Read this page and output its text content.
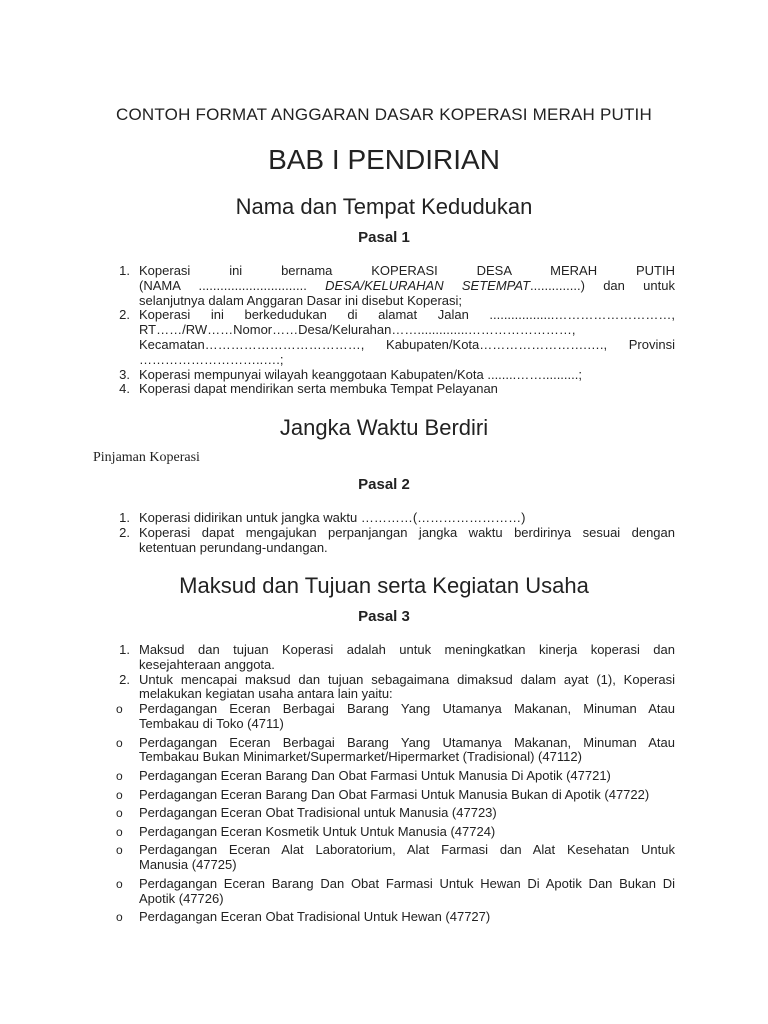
CONTOH FORMAT ANGGARAN DASAR KOPERASI MERAH PUTIH
BAB I PENDIRIAN
Nama dan Tempat Kedudukan
Pasal 1
1. Koperasi ini bernama KOPERASI DESA MERAH PUTIH
(NAMA .............................. DESA/KELURAHAN SETEMPAT..............) dan untuk
selanjutnya dalam Anggaran Dasar ini disebut Koperasi;
2. Koperasi ini berkedudukan di alamat Jalan ..................………………………,
RT……/RW……Nomor……Desa/Kelurahan……..............……………………,
Kecamatan………………………………, Kabupaten/Kota…………………….…., Provinsi
………………………..….;
3. Koperasi mempunyai wilayah keanggotaan Kabupaten/Kota ........……..........;
4. Koperasi dapat mendirikan serta membuka Tempat Pelayanan
Jangka Waktu Berdiri
Pinjaman Koperasi
Pasal 2
1. Koperasi didirikan untuk jangka waktu …………(……………………)
2. Koperasi dapat mengajukan perpanjangan jangka waktu berdirinya sesuai dengan
ketentuan perundang-undangan.
Maksud dan Tujuan serta Kegiatan Usaha
Pasal 3
1. Maksud dan tujuan Koperasi adalah untuk meningkatkan kinerja koperasi dan
kesejahteraan anggota.
2. Untuk mencapai maksud dan tujuan sebagaimana dimaksud dalam ayat (1), Koperasi
melakukan kegiatan usaha antara lain yaitu:
o	Perdagangan Eceran Berbagai Barang Yang Utamanya Makanan, Minuman Atau
Tembakau di Toko (4711)
o	Perdagangan Eceran Berbagai Barang Yang Utamanya Makanan, Minuman Atau
Tembakau Bukan Minimarket/Supermarket/Hipermarket (Tradisional) (47112)
o	Perdagangan Eceran Barang Dan Obat Farmasi Untuk Manusia Di Apotik (47721)
o	Perdagangan Eceran Barang Dan Obat Farmasi Untuk Manusia Bukan di Apotik (47722)
o	Perdagangan Eceran Obat Tradisional untuk Manusia (47723)
o	Perdagangan Eceran Kosmetik Untuk Untuk Manusia (47724)
o	Perdagangan Eceran Alat Laboratorium, Alat Farmasi dan Alat Kesehatan Untuk
Manusia (47725)
o	Perdagangan Eceran Barang Dan Obat Farmasi Untuk Hewan Di Apotik Dan Bukan Di
Apotik (47726)
o	Perdagangan Eceran Obat Tradisional Untuk Hewan (47727)
